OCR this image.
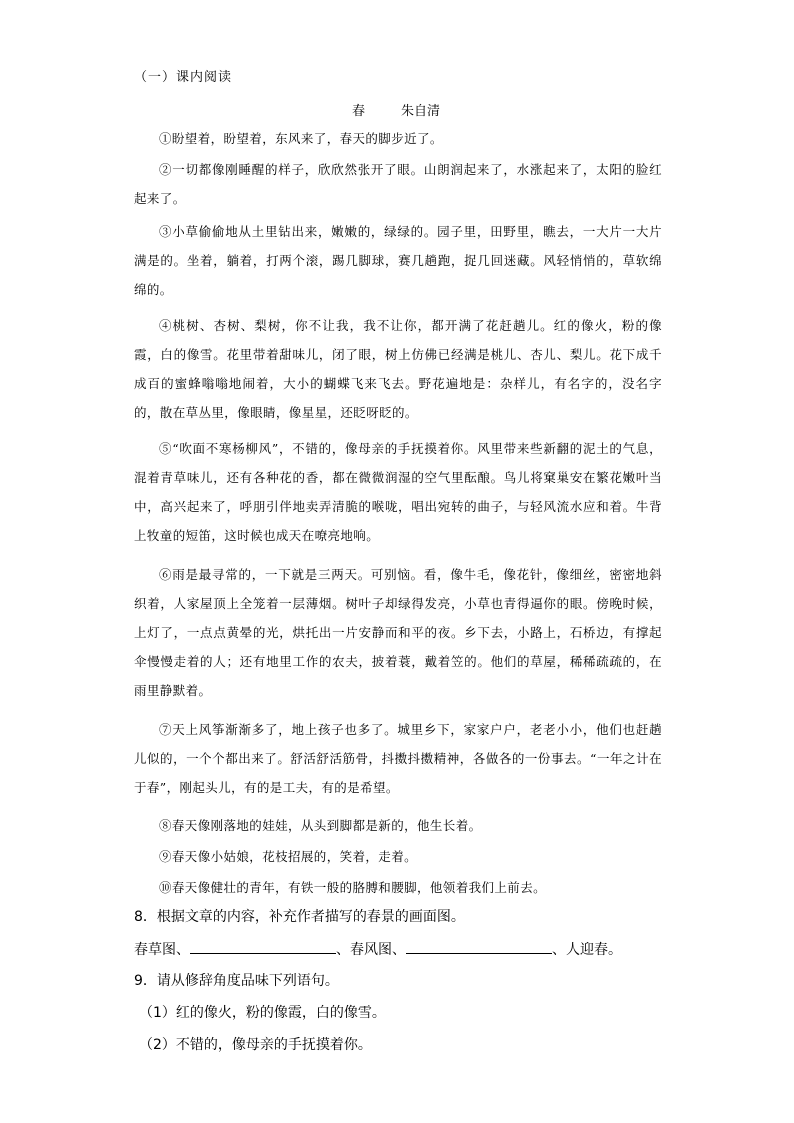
（一）课内阅读
春	朱自清
①盼望着，盼望着，东风来了，春天的脚步近了。
②一切都像刚睡醒的样子，欣欣然张开了眼。山朗润起来了，水涨起来了，太阳的脸红起来了。
③小草偷偷地从土里钻出来，嫩嫩的，绿绿的。园子里，田野里，瞧去，一大片一大片满是的。坐着，躺着，打两个滚，踢几脚球，赛几趟跑，捉几回迷藏。风轻悄悄的，草软绵绵的。
④桃树、杏树、梨树，你不让我，我不让你，都开满了花赶趟儿。红的像火，粉的像霞，白的像雪。花里带着甜味儿，闭了眼，树上仿佛已经满是桃儿、杏儿、梨儿。花下成千成百的蜜蜂嗡嗡地闹着，大小的蝴蝶飞来飞去。野花遍地是：杂样儿，有名字的，没名字的，散在草丛里，像眼睛，像星星，还眨呀眨的。
⑤“吹面不寒杨柳风”，不错的，像母亲的手抚摸着你。风里带来些新翻的泥土的气息，混着青草味儿，还有各种花的香，都在微微润湿的空气里酝酿。鸟儿将窠巢安在繁花嫩叶当中，高兴起来了，呼朋引伴地卖弄清脆的喉咙，唱出宛转的曲子，与轻风流水应和着。牛背上牧童的短笛，这时候也成天在嘹亮地响。
⑥雨是最寻常的，一下就是三两天。可别恼。看，像牛毛，像花针，像细丝，密密地斜织着，人家屋顶上全笼着一层薄烟。树叶子却绿得发亮，小草也青得逼你的眼。傍晚时候，上灯了，一点点黄晕的光，烘托出一片安静而和平的夜。乡下去，小路上，石桥边，有撑起伞慢慢走着的人；还有地里工作的农夫，披着蓑，戴着笠的。他们的草屋，稀稀疏疏的，在雨里静默着。
⑦天上风筝渐渐多了，地上孩子也多了。城里乡下，家家户户，老老小小，他们也赶趟儿似的，一个个都出来了。舒活舒活筋骨，抖擞抖擞精神，各做各的一份事去。“一年之计在于春”，刚起头儿，有的是工夫，有的是希望。
⑧春天像刚落地的娃娃，从头到脚都是新的，他生长着。
⑨春天像小姑娘，花枝招展的，笑着，走着。
⑩春天像健壮的青年，有铁一般的胳膊和腰脚，他领着我们上前去。
8．根据文章的内容，补充作者描写的春景的画面图。
春草图、	、春风图、	、人迎春。
9．请从修辞角度品味下列语句。
（1）红的像火，粉的像霞，白的像雪。
（2）不错的，像母亲的手抚摸着你。
